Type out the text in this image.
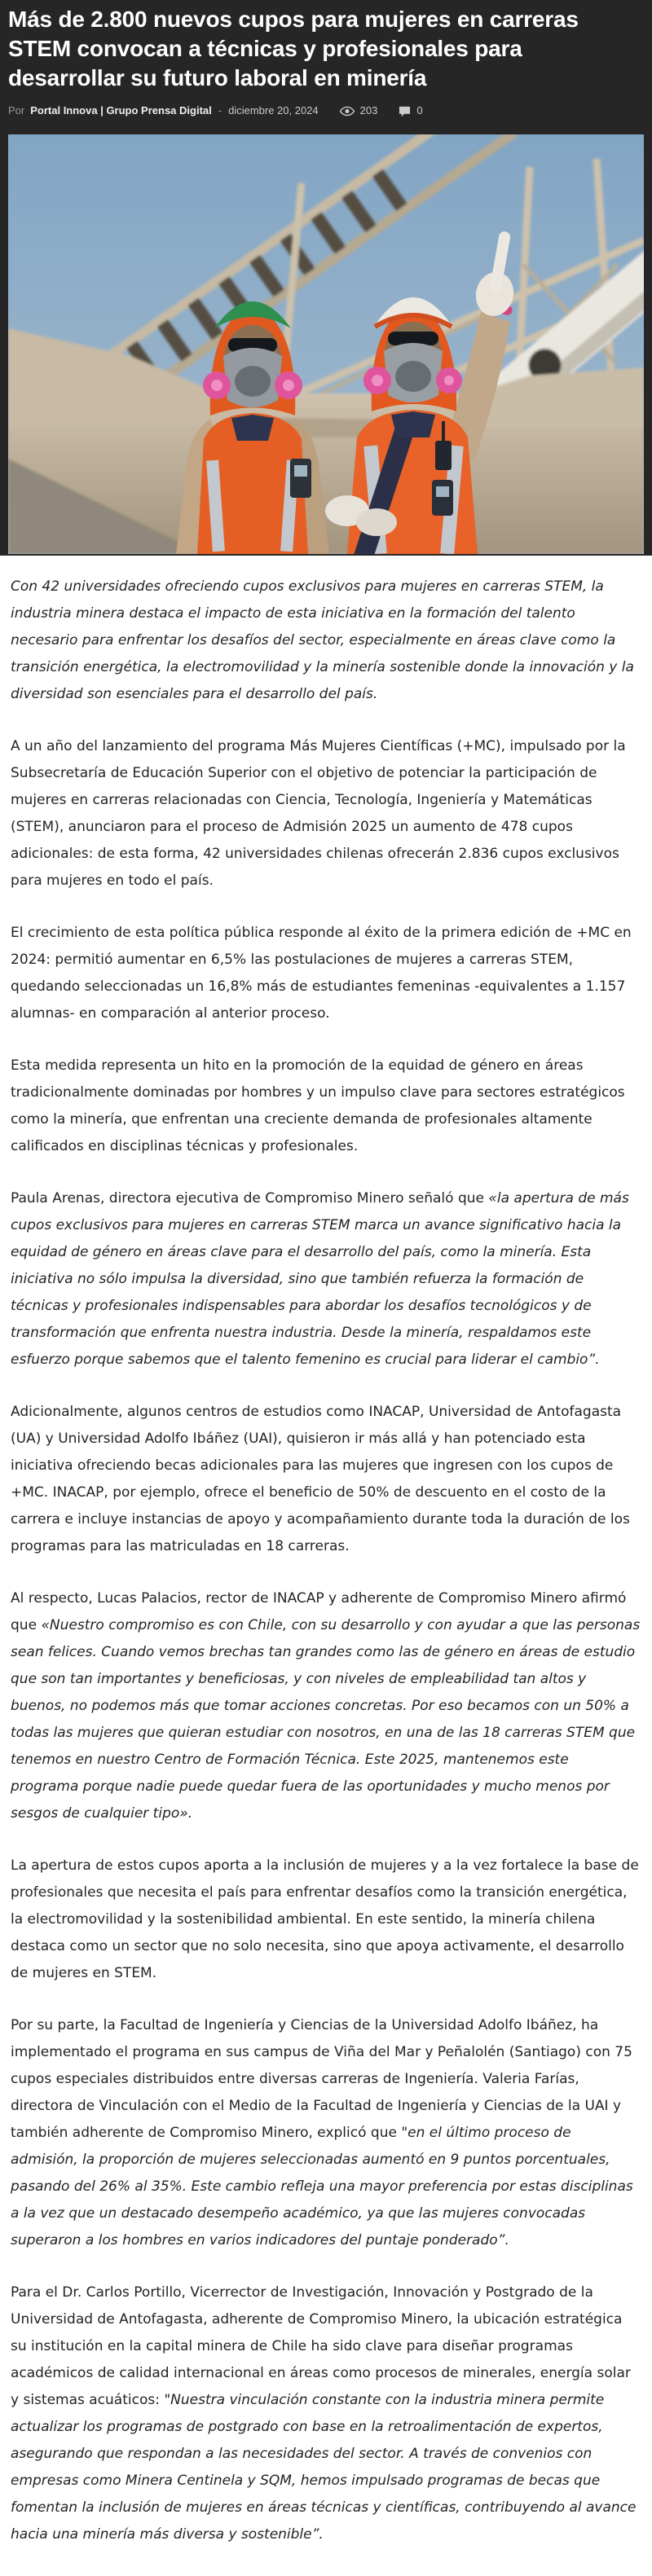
Más de 2.800 nuevos cupos para mujeres en carreras STEM convocan a técnicas y profesionales para desarrollar su futuro laboral en minería
Por Portal Innova | Grupo Prensa Digital - diciembre 20, 2024	203	0

Con 42 universidades ofreciendo cupos exclusivos para mujeres en carreras STEM, la industria minera destaca el impacto de esta iniciativa en la formación del talento necesario para enfrentar los desafíos del sector, especialmente en áreas clave como la transición energética, la electromovilidad y la minería sostenible donde la innovación y la diversidad son esenciales para el desarrollo del país.

A un año del lanzamiento del programa Más Mujeres Científicas (+MC), impulsado por la Subsecretaría de Educación Superior con el objetivo de potenciar la participación de mujeres en carreras relacionadas con Ciencia, Tecnología, Ingeniería y Matemáticas (STEM), anunciaron para el proceso de Admisión 2025 un aumento de 478 cupos adicionales: de esta forma, 42 universidades chilenas ofrecerán 2.836 cupos exclusivos para mujeres en todo el país.

El crecimiento de esta política pública responde al éxito de la primera edición de +MC en 2024: permitió aumentar en 6,5% las postulaciones de mujeres a carreras STEM, quedando seleccionadas un 16,8% más de estudiantes femeninas -equivalentes a 1.157 alumnas- en comparación al anterior proceso.

Esta medida representa un hito en la promoción de la equidad de género en áreas tradicionalmente dominadas por hombres y un impulso clave para sectores estratégicos como la minería, que enfrentan una creciente demanda de profesionales altamente calificados en disciplinas técnicas y profesionales.

Paula Arenas, directora ejecutiva de Compromiso Minero señaló que «la apertura de más cupos exclusivos para mujeres en carreras STEM marca un avance significativo hacia la equidad de género en áreas clave para el desarrollo del país, como la minería. Esta iniciativa no sólo impulsa la diversidad, sino que también refuerza la formación de técnicas y profesionales indispensables para abordar los desafíos tecnológicos y de transformación que enfrenta nuestra industria. Desde la minería, respaldamos este esfuerzo porque sabemos que el talento femenino es crucial para liderar el cambio”.

Adicionalmente, algunos centros de estudios como INACAP, Universidad de Antofagasta (UA) y Universidad Adolfo Ibáñez (UAI), quisieron ir más allá y han potenciado esta iniciativa ofreciendo becas adicionales para las mujeres que ingresen con los cupos de +MC. INACAP, por ejemplo, ofrece el beneficio de 50% de descuento en el costo de la carrera e incluye instancias de apoyo y acompañamiento durante toda la duración de los programas para las matriculadas en 18 carreras.

Al respecto, Lucas Palacios, rector de INACAP y adherente de Compromiso Minero afirmó que «Nuestro compromiso es con Chile, con su desarrollo y con ayudar a que las personas sean felices. Cuando vemos brechas tan grandes como las de género en áreas de estudio que son tan importantes y beneficiosas, y con niveles de empleabilidad tan altos y buenos, no podemos más que tomar acciones concretas. Por eso becamos con un 50% a todas las mujeres que quieran estudiar con nosotros, en una de las 18 carreras STEM que tenemos en nuestro Centro de Formación Técnica. Este 2025, mantenemos este programa porque nadie puede quedar fuera de las oportunidades y mucho menos por sesgos de cualquier tipo».

La apertura de estos cupos aporta a la inclusión de mujeres y a la vez fortalece la base de profesionales que necesita el país para enfrentar desafíos como la transición energética, la electromovilidad y la sostenibilidad ambiental. En este sentido, la minería chilena destaca como un sector que no solo necesita, sino que apoya activamente, el desarrollo de mujeres en STEM.

Por su parte, la Facultad de Ingeniería y Ciencias de la Universidad Adolfo Ibáñez, ha implementado el programa en sus campus de Viña del Mar y Peñalolén (Santiago) con 75 cupos especiales distribuidos entre diversas carreras de Ingeniería. Valeria Farías, directora de Vinculación con el Medio de la Facultad de Ingeniería y Ciencias de la UAI y también adherente de Compromiso Minero, explicó que "en el último proceso de admisión, la proporción de mujeres seleccionadas aumentó en 9 puntos porcentuales, pasando del 26% al 35%. Este cambio refleja una mayor preferencia por estas disciplinas a la vez que un destacado desempeño académico, ya que las mujeres convocadas superaron a los hombres en varios indicadores del puntaje ponderado”.

Para el Dr. Carlos Portillo, Vicerrector de Investigación, Innovación y Postgrado de la Universidad de Antofagasta, adherente de Compromiso Minero, la ubicación estratégica su institución en la capital minera de Chile ha sido clave para diseñar programas académicos de calidad internacional en áreas como procesos de minerales, energía solar y sistemas acuáticos: "Nuestra vinculación constante con la industria minera permite actualizar los programas de postgrado con base en la retroalimentación de expertos, asegurando que respondan a las necesidades del sector. A través de convenios con empresas como Minera Centinela y SQM, hemos impulsado programas de becas que fomentan la inclusión de mujeres en áreas técnicas y científicas, contribuyendo al avance hacia una minería más diversa y sostenible”.
